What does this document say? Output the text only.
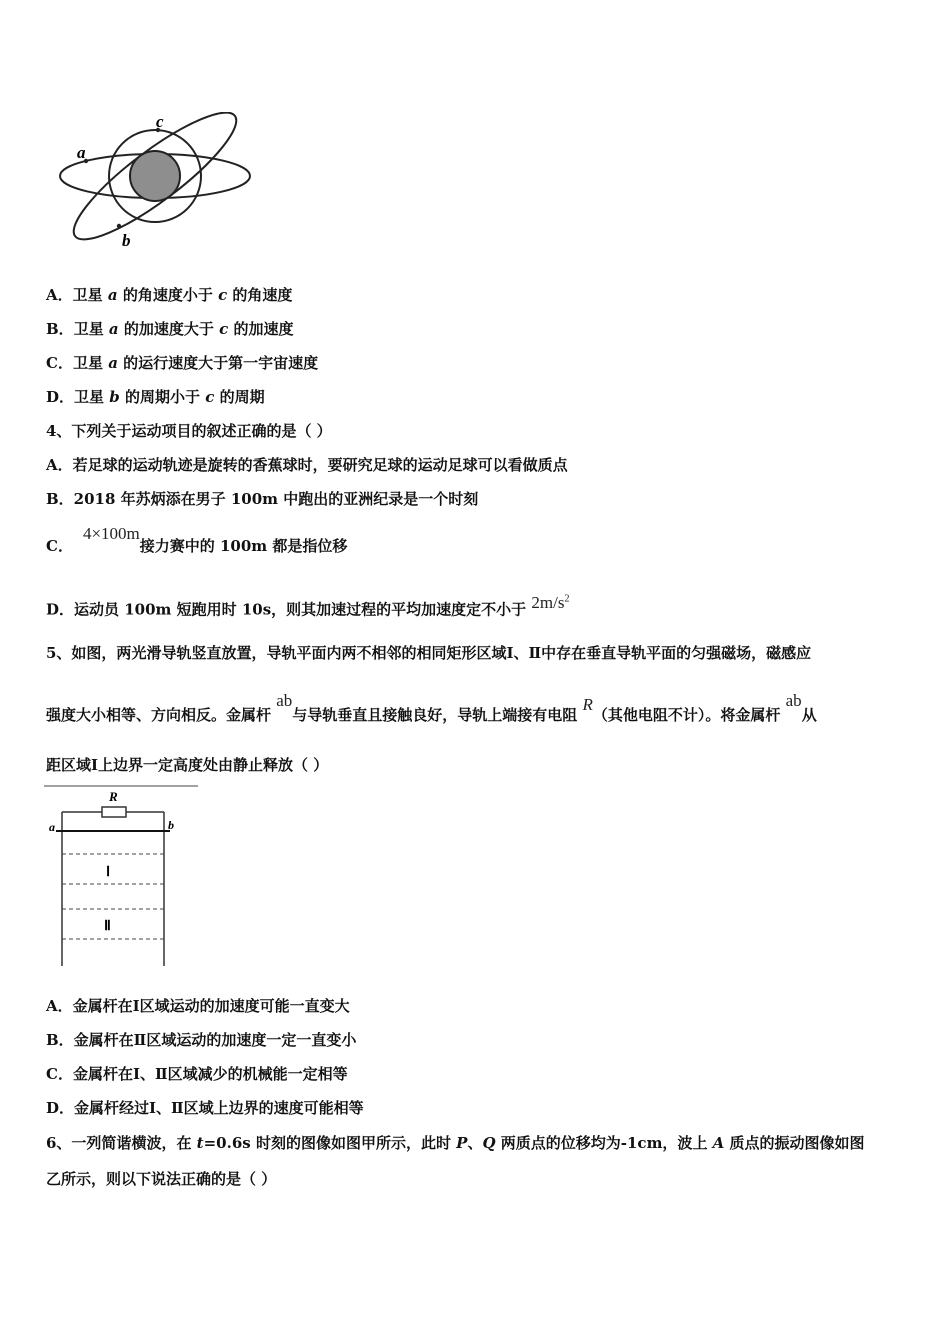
a
c
b
A．卫星 a 的角速度小于 c 的角速度
B．卫星 a 的加速度大于 c 的加速度
C．卫星 a 的运行速度大于第一宇宙速度
D．卫星 b 的周期小于 c 的周期
4、下列关于运动项目的叙述正确的是（ ）
A．若足球的运动轨迹是旋转的香蕉球时，要研究足球的运动足球可以看做质点
B．2018 年苏炳添在男子 100m 中跑出的亚洲纪录是一个时刻
C．4×100m接力赛中的 100m 都是指位移
D．运动员 100m 短跑用时 10s，则其加速过程的平均加速度定不小于 $2m/s^2$
5、如图，两光滑导轨竖直放置，导轨平面内两不相邻的相同矩形区域Ⅰ、Ⅱ中存在垂直导轨平面的匀强磁场，磁感应
强度大小相等、方向相反。金属杆 ab与导轨垂直且接触良好，导轨上端接有电阻 R（其他电阻不计）。将金属杆 ab从
距区域Ⅰ上边界一定高度处由静止释放（ ）
R
a	b
Ⅰ
Ⅱ
A．金属杆在Ⅰ区域运动的加速度可能一直变大
B．金属杆在Ⅱ区域运动的加速度一定一直变小
C．金属杆在Ⅰ、Ⅱ区域减少的机械能一定相等
D．金属杆经过Ⅰ、Ⅱ区域上边界的速度可能相等
6、一列简谐横波，在 t=0.6s 时刻的图像如图甲所示，此时 P、Q 两质点的位移均为-1cm，波上 A 质点的振动图像如图
乙所示，则以下说法正确的是（ ）
